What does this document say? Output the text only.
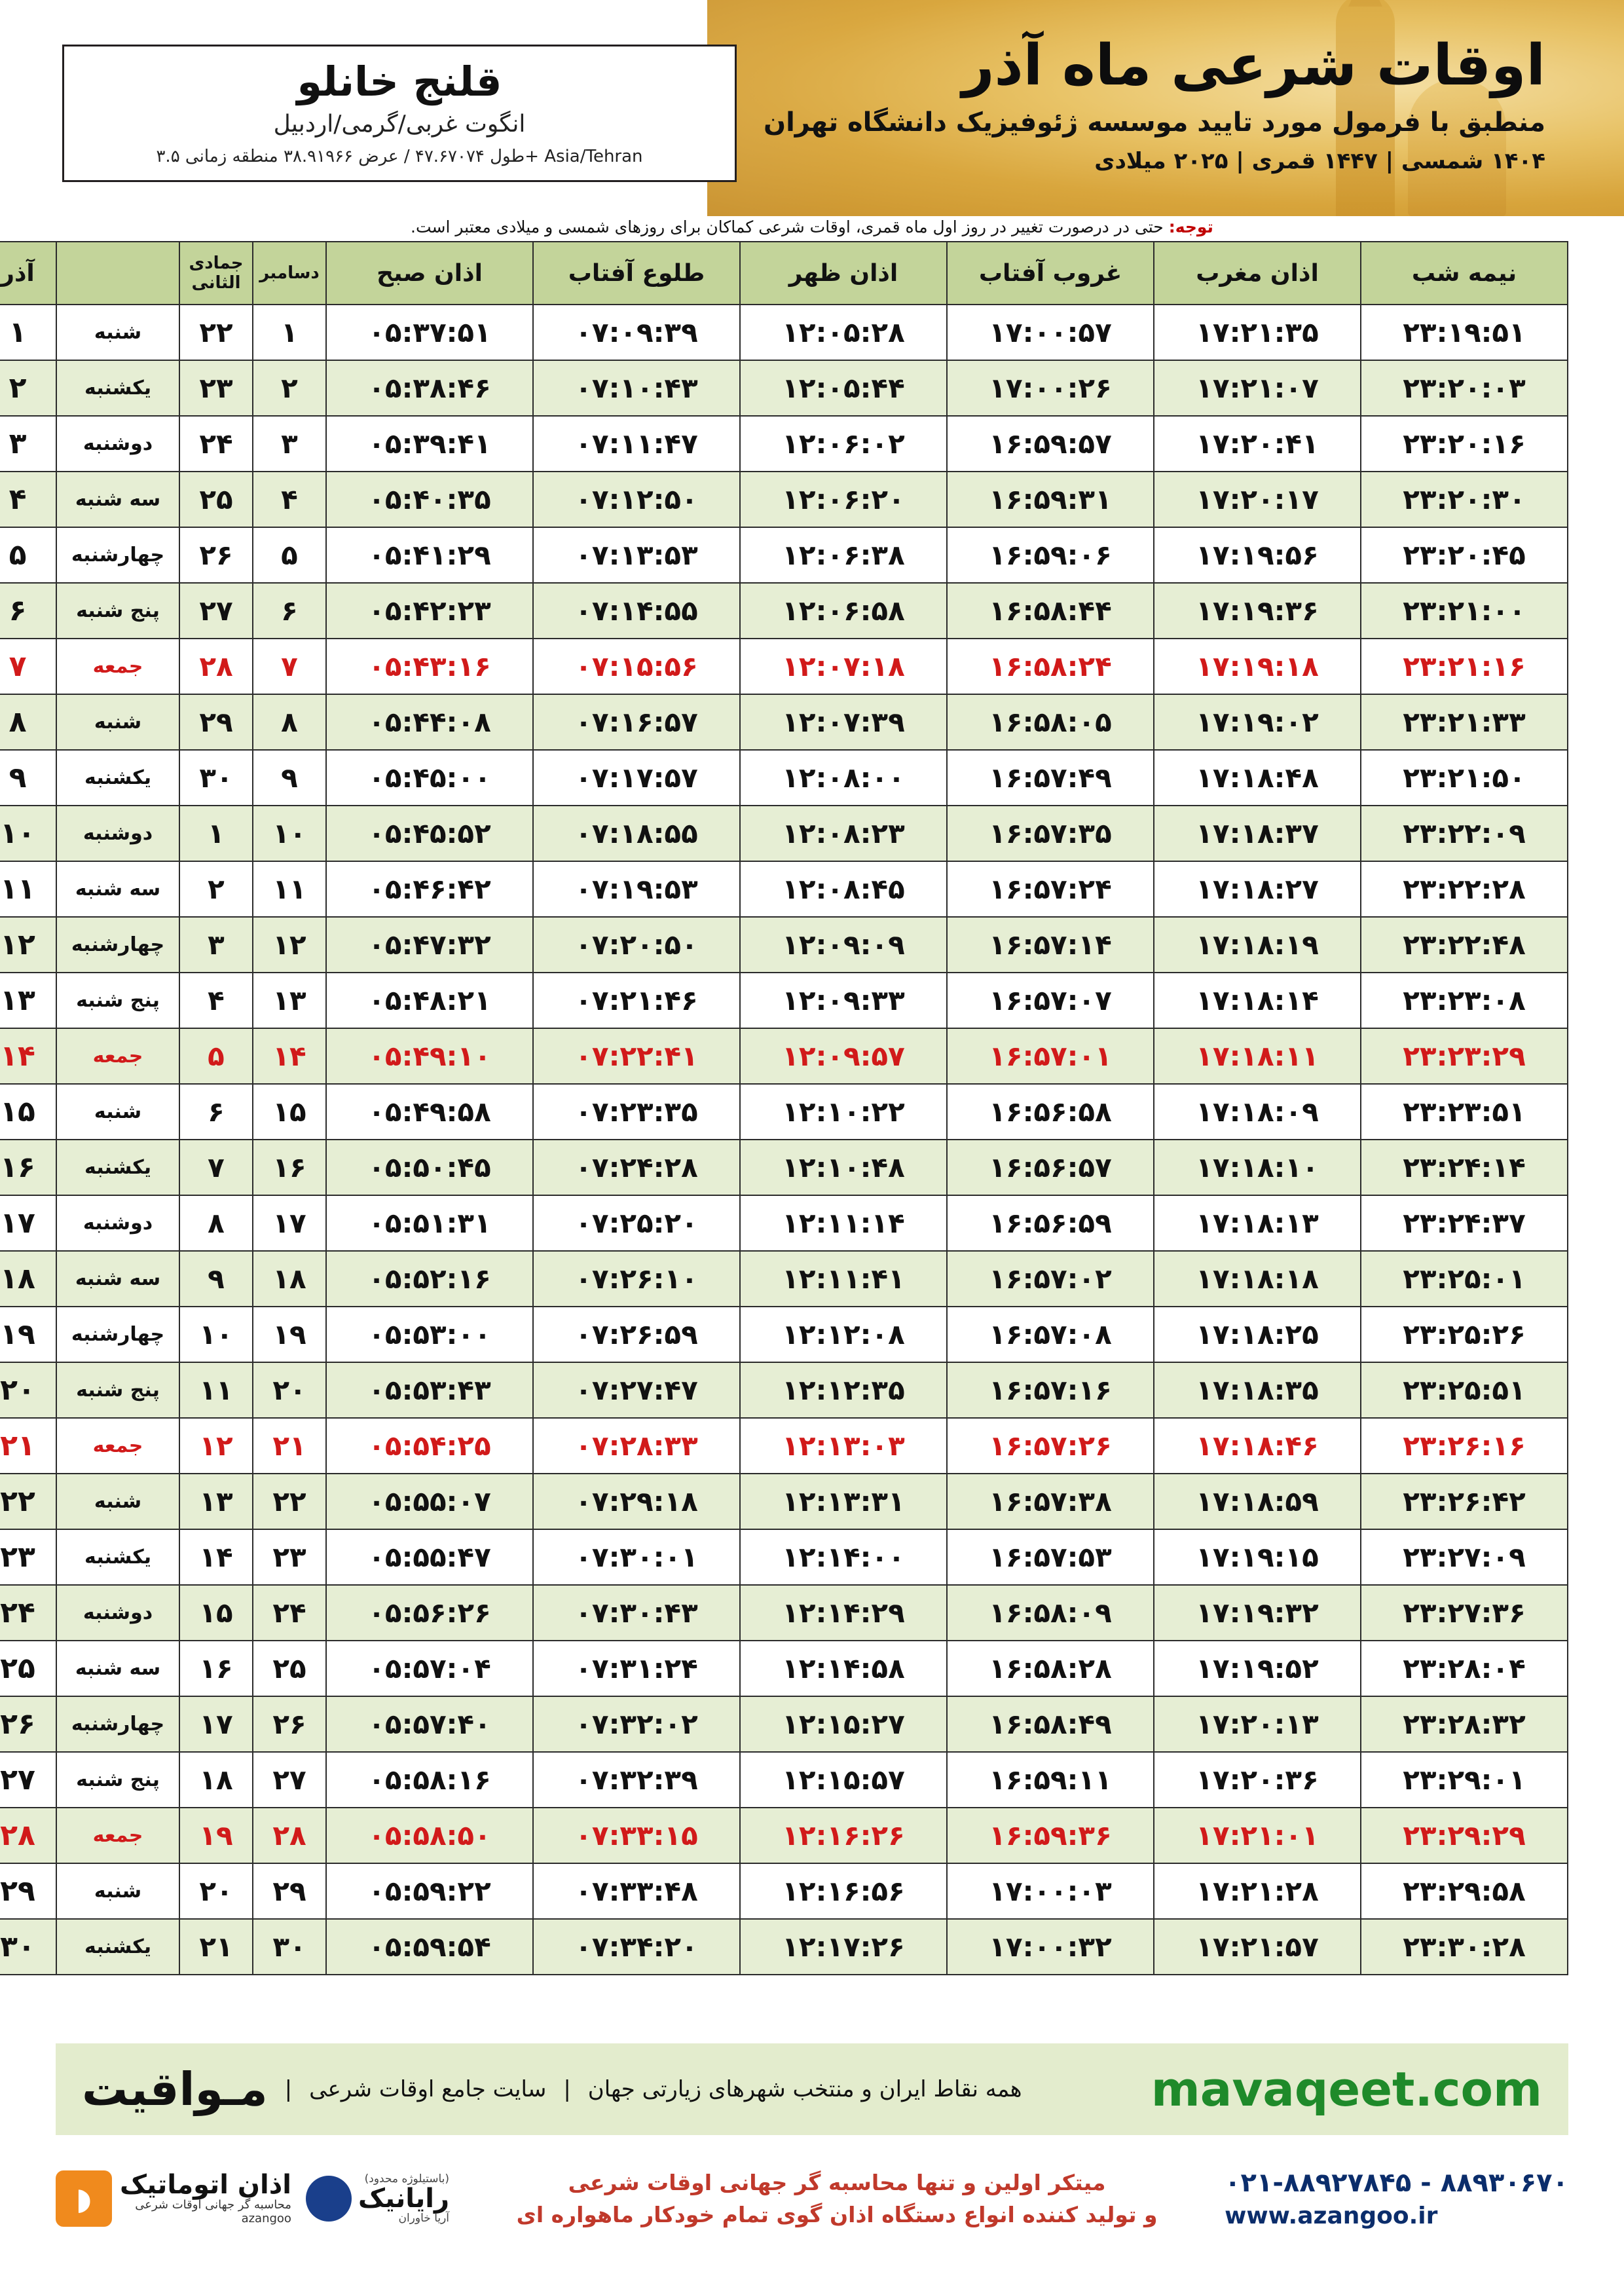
قلنج خانلو
انگوت غربی/گرمی/اردبیل
طول ۴۷.۶۷۰۷۴ / عرض ۳۸.۹۱۹۶۶ منطقه زمانی ۳.۵+ Asia/Tehran
اوقات شرعی ماه آذر
منطبق با فرمول مورد تایید موسسه ژئوفیزیک دانشگاه تهران
۱۴۰۴ شمسی | ۱۴۴۷ قمری | ۲۰۲۵ میلادی
توجه: حتی در درصورت تغییر در روز اول ماه قمری، اوقات شرعی کماکان برای روزهای شمسی و میلادی معتبر است.
نیمه شب	اذان مغرب	غروب آفتاب	اذان ظهر	طلوع آفتاب	اذان صبح	دسامبر	جمادی الثانی		آذر
۲۳:۱۹:۵۱	۱۷:۲۱:۳۵	۱۷:۰۰:۵۷	۱۲:۰۵:۲۸	۰۷:۰۹:۳۹	۰۵:۳۷:۵۱	۱	۲۲	شنبه	۱
۲۳:۲۰:۰۳	۱۷:۲۱:۰۷	۱۷:۰۰:۲۶	۱۲:۰۵:۴۴	۰۷:۱۰:۴۳	۰۵:۳۸:۴۶	۲	۲۳	یکشنبه	۲
۲۳:۲۰:۱۶	۱۷:۲۰:۴۱	۱۶:۵۹:۵۷	۱۲:۰۶:۰۲	۰۷:۱۱:۴۷	۰۵:۳۹:۴۱	۳	۲۴	دوشنبه	۳
۲۳:۲۰:۳۰	۱۷:۲۰:۱۷	۱۶:۵۹:۳۱	۱۲:۰۶:۲۰	۰۷:۱۲:۵۰	۰۵:۴۰:۳۵	۴	۲۵	سه شنبه	۴
۲۳:۲۰:۴۵	۱۷:۱۹:۵۶	۱۶:۵۹:۰۶	۱۲:۰۶:۳۸	۰۷:۱۳:۵۳	۰۵:۴۱:۲۹	۵	۲۶	چهارشنبه	۵
۲۳:۲۱:۰۰	۱۷:۱۹:۳۶	۱۶:۵۸:۴۴	۱۲:۰۶:۵۸	۰۷:۱۴:۵۵	۰۵:۴۲:۲۳	۶	۲۷	پنج شنبه	۶
۲۳:۲۱:۱۶	۱۷:۱۹:۱۸	۱۶:۵۸:۲۴	۱۲:۰۷:۱۸	۰۷:۱۵:۵۶	۰۵:۴۳:۱۶	۷	۲۸	جمعه	۷
۲۳:۲۱:۳۳	۱۷:۱۹:۰۲	۱۶:۵۸:۰۵	۱۲:۰۷:۳۹	۰۷:۱۶:۵۷	۰۵:۴۴:۰۸	۸	۲۹	شنبه	۸
۲۳:۲۱:۵۰	۱۷:۱۸:۴۸	۱۶:۵۷:۴۹	۱۲:۰۸:۰۰	۰۷:۱۷:۵۷	۰۵:۴۵:۰۰	۹	۳۰	یکشنبه	۹
۲۳:۲۲:۰۹	۱۷:۱۸:۳۷	۱۶:۵۷:۳۵	۱۲:۰۸:۲۳	۰۷:۱۸:۵۵	۰۵:۴۵:۵۲	۱۰	۱	دوشنبه	۱۰
۲۳:۲۲:۲۸	۱۷:۱۸:۲۷	۱۶:۵۷:۲۴	۱۲:۰۸:۴۵	۰۷:۱۹:۵۳	۰۵:۴۶:۴۲	۱۱	۲	سه شنبه	۱۱
۲۳:۲۲:۴۸	۱۷:۱۸:۱۹	۱۶:۵۷:۱۴	۱۲:۰۹:۰۹	۰۷:۲۰:۵۰	۰۵:۴۷:۳۲	۱۲	۳	چهارشنبه	۱۲
۲۳:۲۳:۰۸	۱۷:۱۸:۱۴	۱۶:۵۷:۰۷	۱۲:۰۹:۳۳	۰۷:۲۱:۴۶	۰۵:۴۸:۲۱	۱۳	۴	پنج شنبه	۱۳
۲۳:۲۳:۲۹	۱۷:۱۸:۱۱	۱۶:۵۷:۰۱	۱۲:۰۹:۵۷	۰۷:۲۲:۴۱	۰۵:۴۹:۱۰	۱۴	۵	جمعه	۱۴
۲۳:۲۳:۵۱	۱۷:۱۸:۰۹	۱۶:۵۶:۵۸	۱۲:۱۰:۲۲	۰۷:۲۳:۳۵	۰۵:۴۹:۵۸	۱۵	۶	شنبه	۱۵
۲۳:۲۴:۱۴	۱۷:۱۸:۱۰	۱۶:۵۶:۵۷	۱۲:۱۰:۴۸	۰۷:۲۴:۲۸	۰۵:۵۰:۴۵	۱۶	۷	یکشنبه	۱۶
۲۳:۲۴:۳۷	۱۷:۱۸:۱۳	۱۶:۵۶:۵۹	۱۲:۱۱:۱۴	۰۷:۲۵:۲۰	۰۵:۵۱:۳۱	۱۷	۸	دوشنبه	۱۷
۲۳:۲۵:۰۱	۱۷:۱۸:۱۸	۱۶:۵۷:۰۲	۱۲:۱۱:۴۱	۰۷:۲۶:۱۰	۰۵:۵۲:۱۶	۱۸	۹	سه شنبه	۱۸
۲۳:۲۵:۲۶	۱۷:۱۸:۲۵	۱۶:۵۷:۰۸	۱۲:۱۲:۰۸	۰۷:۲۶:۵۹	۰۵:۵۳:۰۰	۱۹	۱۰	چهارشنبه	۱۹
۲۳:۲۵:۵۱	۱۷:۱۸:۳۵	۱۶:۵۷:۱۶	۱۲:۱۲:۳۵	۰۷:۲۷:۴۷	۰۵:۵۳:۴۳	۲۰	۱۱	پنج شنبه	۲۰
۲۳:۲۶:۱۶	۱۷:۱۸:۴۶	۱۶:۵۷:۲۶	۱۲:۱۳:۰۳	۰۷:۲۸:۳۳	۰۵:۵۴:۲۵	۲۱	۱۲	جمعه	۲۱
۲۳:۲۶:۴۲	۱۷:۱۸:۵۹	۱۶:۵۷:۳۸	۱۲:۱۳:۳۱	۰۷:۲۹:۱۸	۰۵:۵۵:۰۷	۲۲	۱۳	شنبه	۲۲
۲۳:۲۷:۰۹	۱۷:۱۹:۱۵	۱۶:۵۷:۵۳	۱۲:۱۴:۰۰	۰۷:۳۰:۰۱	۰۵:۵۵:۴۷	۲۳	۱۴	یکشنبه	۲۳
۲۳:۲۷:۳۶	۱۷:۱۹:۳۲	۱۶:۵۸:۰۹	۱۲:۱۴:۲۹	۰۷:۳۰:۴۳	۰۵:۵۶:۲۶	۲۴	۱۵	دوشنبه	۲۴
۲۳:۲۸:۰۴	۱۷:۱۹:۵۲	۱۶:۵۸:۲۸	۱۲:۱۴:۵۸	۰۷:۳۱:۲۴	۰۵:۵۷:۰۴	۲۵	۱۶	سه شنبه	۲۵
۲۳:۲۸:۳۲	۱۷:۲۰:۱۳	۱۶:۵۸:۴۹	۱۲:۱۵:۲۷	۰۷:۳۲:۰۲	۰۵:۵۷:۴۰	۲۶	۱۷	چهارشنبه	۲۶
۲۳:۲۹:۰۱	۱۷:۲۰:۳۶	۱۶:۵۹:۱۱	۱۲:۱۵:۵۷	۰۷:۳۲:۳۹	۰۵:۵۸:۱۶	۲۷	۱۸	پنج شنبه	۲۷
۲۳:۲۹:۲۹	۱۷:۲۱:۰۱	۱۶:۵۹:۳۶	۱۲:۱۶:۲۶	۰۷:۳۳:۱۵	۰۵:۵۸:۵۰	۲۸	۱۹	جمعه	۲۸
۲۳:۲۹:۵۸	۱۷:۲۱:۲۸	۱۷:۰۰:۰۳	۱۲:۱۶:۵۶	۰۷:۳۳:۴۸	۰۵:۵۹:۲۲	۲۹	۲۰	شنبه	۲۹
۲۳:۳۰:۲۸	۱۷:۲۱:۵۷	۱۷:۰۰:۳۲	۱۲:۱۷:۲۶	۰۷:۳۴:۲۰	۰۵:۵۹:۵۴	۳۰	۲۱	یکشنبه	۳۰
mavaqeet.com
همه نقاط ایران و منتخب شهرهای زیارتی جهان
|
سایت جامع اوقات شرعی
|
مـواقیت
۰۲۱-۸۸۹۲۷۸۴۵ - ۸۸۹۳۰۶۷۰
www.azangoo.ir
میتکر اولین و تنها محاسبه گر جهانی اوقات شرعی
و تولید کننده انواع دستگاه اذان گوی تمام خودکار ماهواره ای
(باستیلوژه محدود)
رایانیک
آریا خاوران
اذان اتوماتیک
محاسبه گر جهانی اوقات شرعی
azangoo
◗
